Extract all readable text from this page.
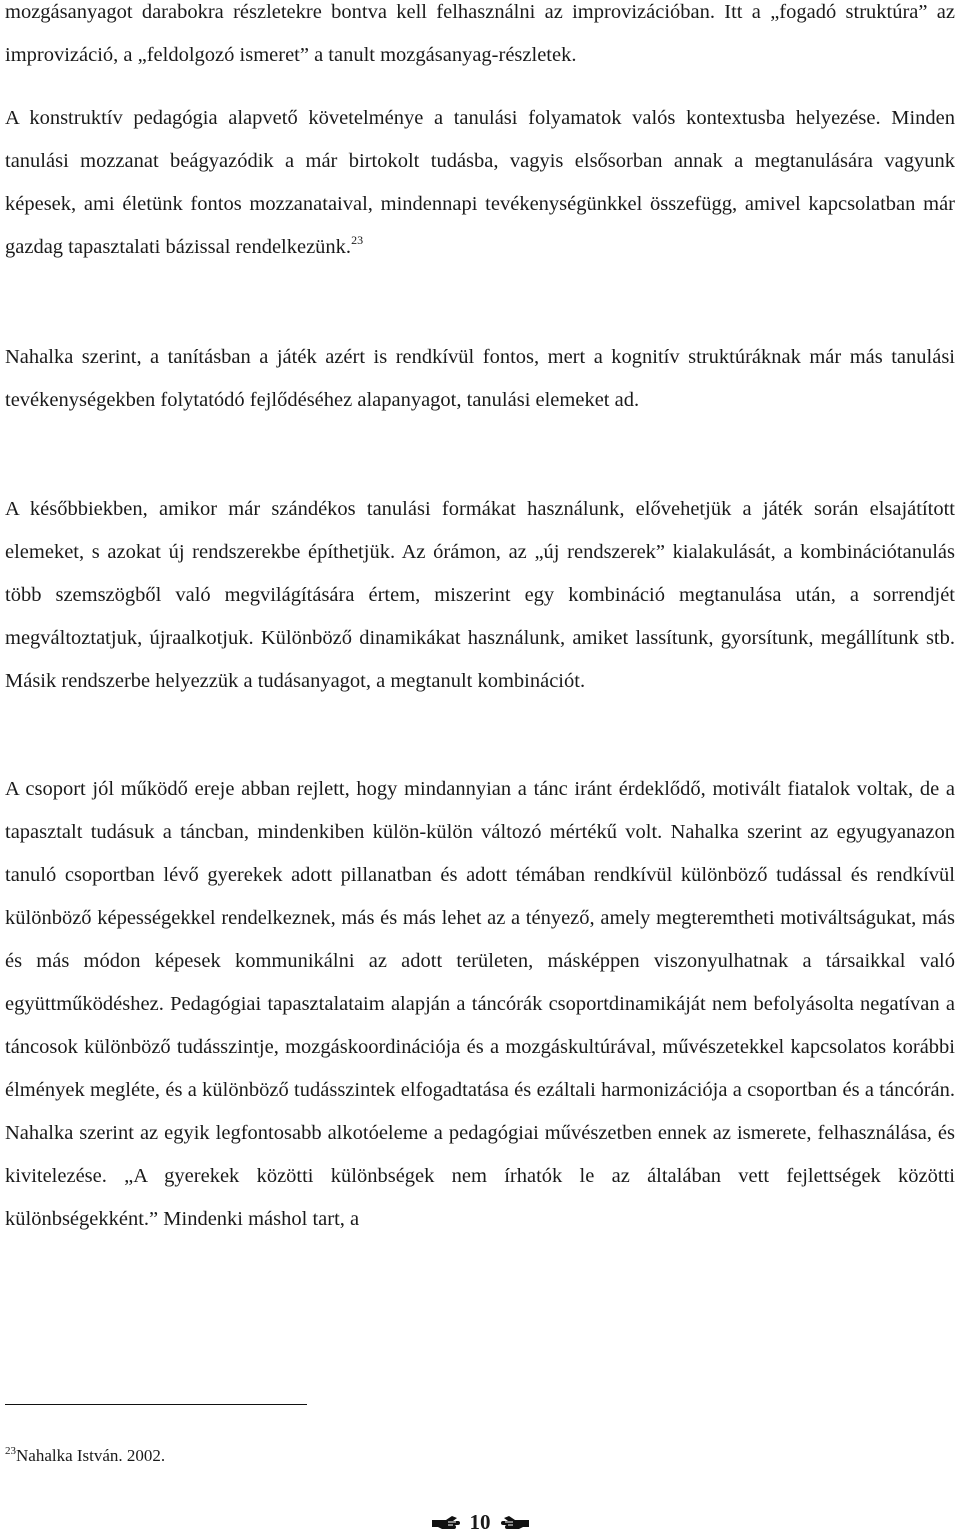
mozgásanyagot darabokra részletekre bontva kell felhasználni az improvizációban. Itt a „fogadó struktúra” az improvizáció, a „feldolgozó ismeret” a tanult mozgásanyag-részletek.

A konstruktív pedagógia alapvető követelménye a tanulási folyamatok valós kontextusba helyezése. Minden tanulási mozzanat beágyazódik a már birtokolt tudásba, vagyis elsősorban annak a megtanulására vagyunk képesek, ami életünk fontos mozzanataival, mindennapi tevékenységünkkel összefügg, amivel kapcsolatban már gazdag tapasztalati bázissal rendelkezünk.$^{23}$

Nahalka szerint, a tanításban a játék azért is rendkívül fontos, mert a kognitív struktúráknak már más tanulási tevékenységekben folytatódó fejlődéséhez alapanyagot, tanulási elemeket ad.

A későbbiekben, amikor már szándékos tanulási formákat használunk, elővehetjük a játék során elsajátított elemeket, s azokat új rendszerekbe építhetjük. Az órámon, az „új rendszerek” kialakulását, a kombinációtanulás több szemszögből való megvilágítására értem, miszerint egy kombináció megtanulása után, a sorrendjét megváltoztatjuk, újraalkotjuk. Különböző dinamikákat használunk, amiket lassítunk, gyorsítunk, megállítunk stb. Másik rendszerbe helyezzük a tudásanyagot, a megtanult kombinációt.

A csoport jól működő ereje abban rejlett, hogy mindannyian a tánc iránt érdeklődő, motivált fiatalok voltak, de a tapasztalt tudásuk a táncban, mindenkiben külön-külön változó mértékű volt. Nahalka szerint az egyugyanazon tanuló csoportban lévő gyerekek adott pillanatban és adott témában rendkívül különböző tudással és rendkívül különböző képességekkel rendelkeznek, más és más lehet az a tényező, amely megteremtheti motiváltságukat, más és más módon képesek kommunikálni az adott területen, másképpen viszonyulhatnak a társaikkal való együttműködéshez. Pedagógiai tapasztalataim alapján a táncórák csoportdinamikáját nem befolyásolta negatívan a táncosok különböző tudásszintje, mozgáskoordinációja és a mozgáskultúrával, művészetekkel kapcsolatos korábbi élmények megléte, és a különböző tudásszintek elfogadtatása és ezáltali harmonizációja a csoportban és a táncórán. Nahalka szerint az egyik legfontosabb alkotóeleme a pedagógiai művészetben ennek az ismerete, felhasználása, és kivitelezése. „A gyerekek közötti különbségek nem írhatók le az általában vett fejlettségek közötti különbségekként.” Mindenki máshol tart, a

$^{23}$Nahalka István. 2002.
10
